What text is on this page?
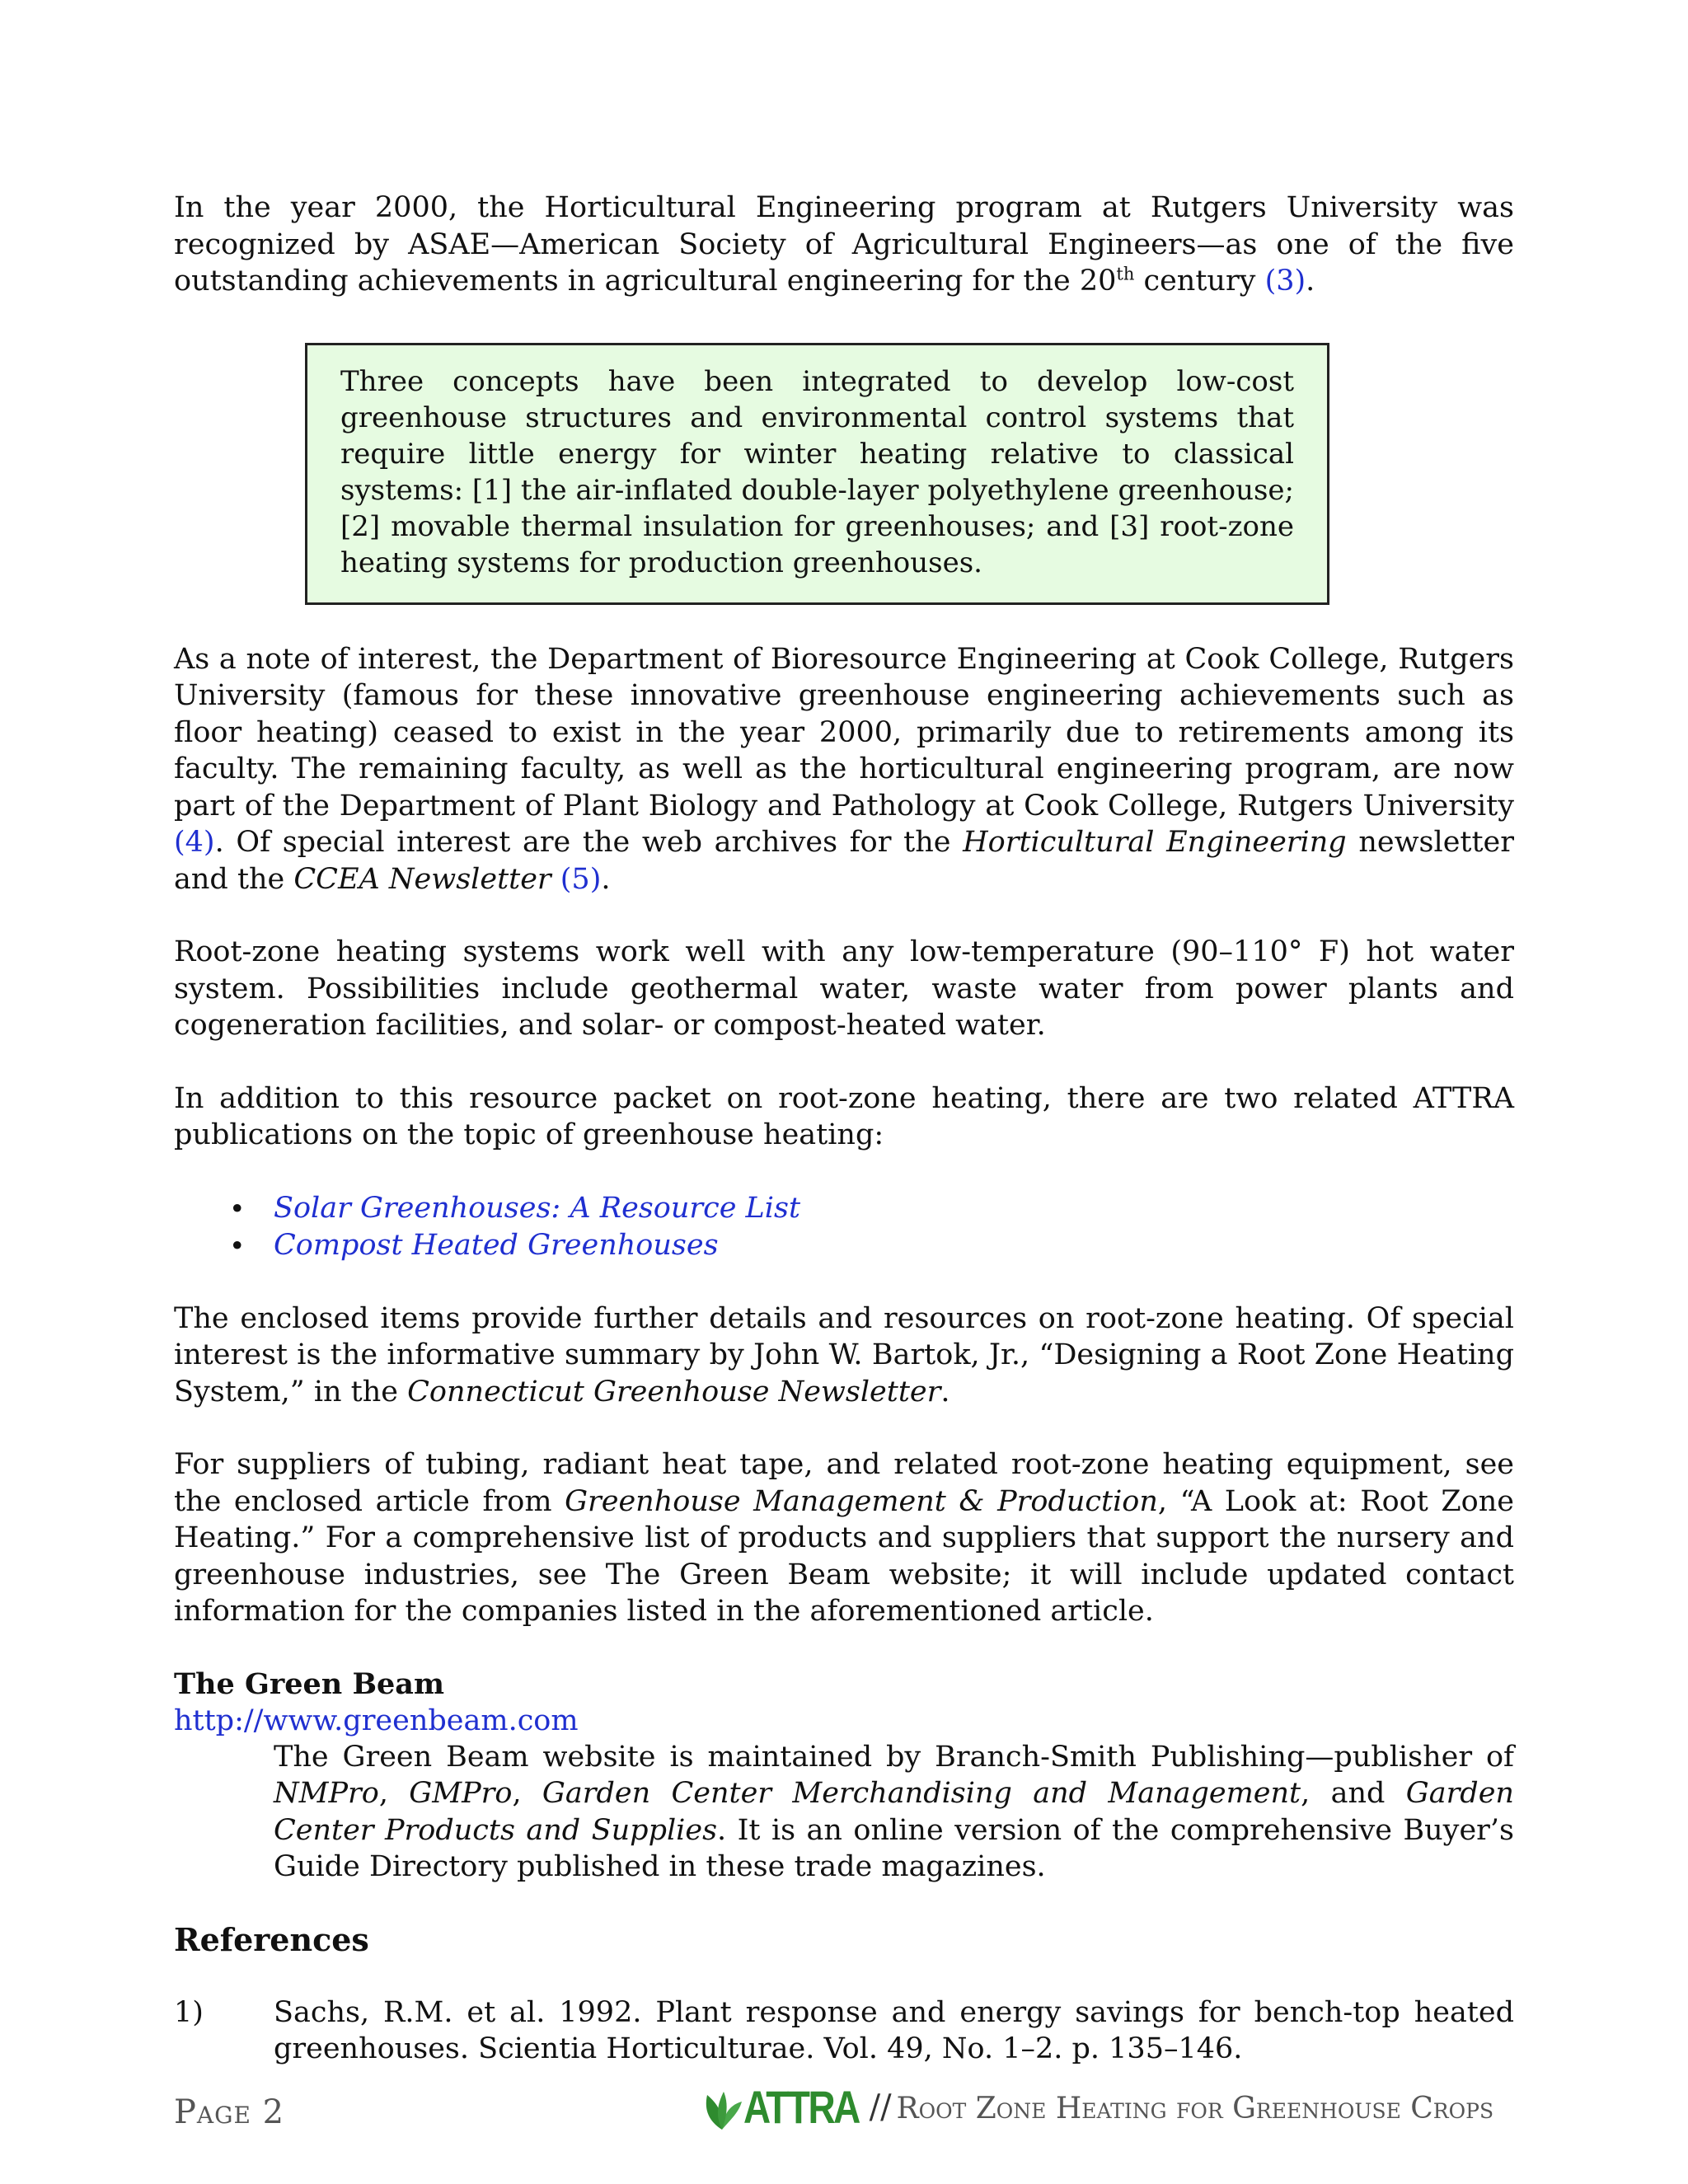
In the year 2000, the Horticultural Engineering program at Rutgers University was recognized by ASAE—American Society of Agricultural Engineers—as one of the five outstanding achievements in agricultural engineering for the 20th century (3).

Three concepts have been integrated to develop low-cost greenhouse structures and environmental control systems that require little energy for winter heating relative to classical systems: [1] the air-inflated double-layer polyethylene greenhouse; [2] movable thermal insulation for greenhouses; and [3] root-zone heating systems for production greenhouses.

As a note of interest, the Department of Bioresource Engineering at Cook College, Rutgers University (famous for these innovative greenhouse engineering achievements such as floor heating) ceased to exist in the year 2000, primarily due to retirements among its faculty. The remaining faculty, as well as the horticultural engineering program, are now part of the Department of Plant Biology and Pathology at Cook College, Rutgers University (4). Of special interest are the web archives for the Horticultural Engineering newsletter and the CCEA Newsletter (5).

Root-zone heating systems work well with any low-temperature (90–110° F) hot water system. Possibilities include geothermal water, waste water from power plants and cogeneration facilities, and solar- or compost-heated water.

In addition to this resource packet on root-zone heating, there are two related ATTRA publications on the topic of greenhouse heating:

• Solar Greenhouses: A Resource List
• Compost Heated Greenhouses

The enclosed items provide further details and resources on root-zone heating. Of special interest is the informative summary by John W. Bartok, Jr., “Designing a Root Zone Heating System,” in the Connecticut Greenhouse Newsletter.

For suppliers of tubing, radiant heat tape, and related root-zone heating equipment, see the enclosed article from Greenhouse Management & Production, “A Look at: Root Zone Heating.” For a comprehensive list of products and suppliers that support the nursery and greenhouse industries, see The Green Beam website; it will include updated contact information for the companies listed in the aforementioned article.

The Green Beam
http://www.greenbeam.com

The Green Beam website is maintained by Branch-Smith Publishing—publisher of NMPro, GMPro, Garden Center Merchandising and Management, and Garden Center Products and Supplies. It is an online version of the comprehensive Buyer’s Guide Directory published in these trade magazines.

References
1)	Sachs, R.M. et al. 1992. Plant response and energy savings for bench-top heated greenhouses. Scientia Horticulturae. Vol. 49, No. 1–2. p. 135–146.

Page 2	ATTRA // Root Zone Heating for Greenhouse Crops
